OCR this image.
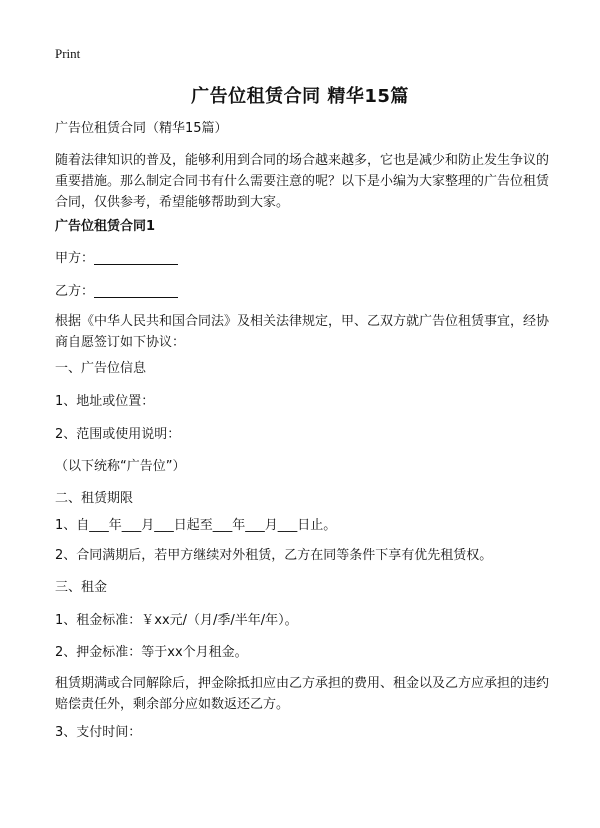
Print
广告位租赁合同 精华15篇

广告位租赁合同（精华15篇）

随着法律知识的普及，能够利用到合同的场合越来越多，它也是减少和防止发生争议的重要措施。那么制定合同书有什么需要注意的呢？以下是小编为大家整理的广告位租赁合同，仅供参考，希望能够帮助到大家。

广告位租赁合同1

甲方：

乙方：

根据《中华人民共和国合同法》及相关法律规定，甲、乙双方就广告位租赁事宜，经协商自愿签订如下协议：

一、广告位信息

1、地址或位置：

2、范围或使用说明：

（以下统称“广告位”）

二、租赁期限

1、自___年___月___日起至___年___月___日止。

2、合同满期后，若甲方继续对外租赁，乙方在同等条件下享有优先租赁权。

三、租金

1、租金标准：￥xx元/（月/季/半年/年）。

2、押金标准：等于xx个月租金。

租赁期满或合同解除后，押金除抵扣应由乙方承担的费用、租金以及乙方应承担的违约赔偿责任外，剩余部分应如数返还乙方。

3、支付时间：
